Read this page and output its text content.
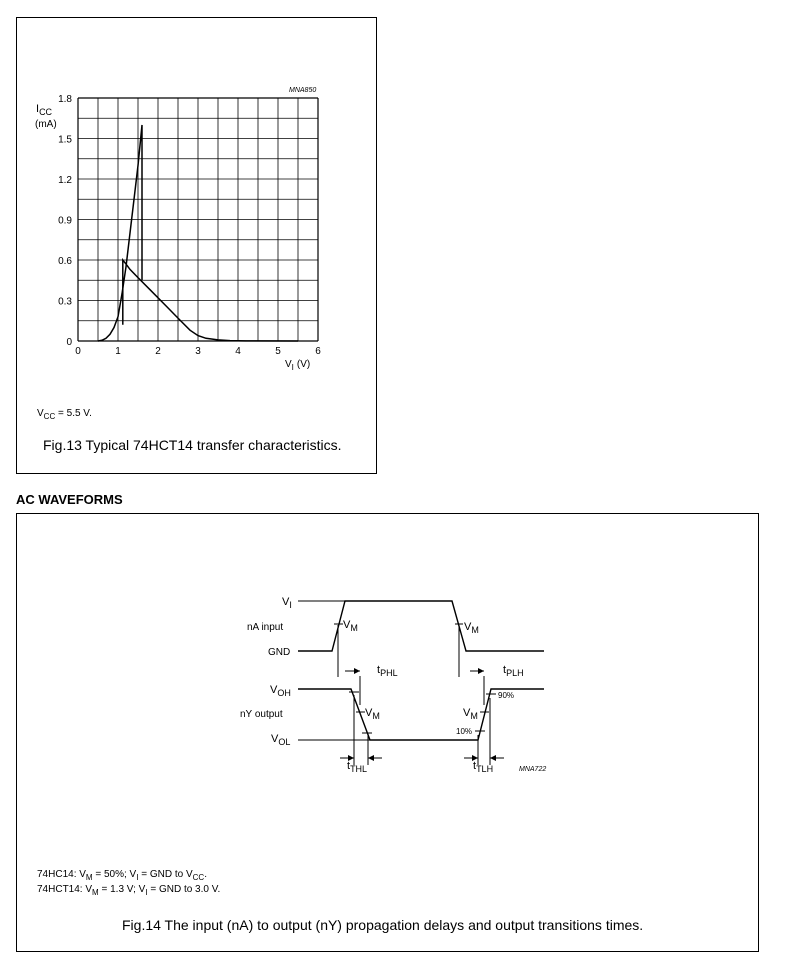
0	1	2	3	4	5	6
0
0.3
0.6
0.9
1.2
1.5
1.8
MNA850
$I_{CC}$
(mA)
$V_I$ (V)
$V_{CC} = 5.5$ V.
Fig.13 Typical 74HCT14 transfer characteristics.
AC WAVEFORMS
$V_I$
nA input
GND
$V_{OH}$
nY output
$V_{OL}$
$V_M$	$V_M$
$V_M$	$V_M$
$t_{PHL}$	$t_{PLH}$
$t_{THL}$	$t_{TLH}$
90%
10%
MNA722
74HC14: $V_M = 50\%$; $V_I$ = GND to $V_{CC}$.
74HCT14: $V_M = 1.3$ V; $V_I$ = GND to 3.0 V.
Fig.14 The input (nA) to output (nY) propagation delays and output transitions times.
